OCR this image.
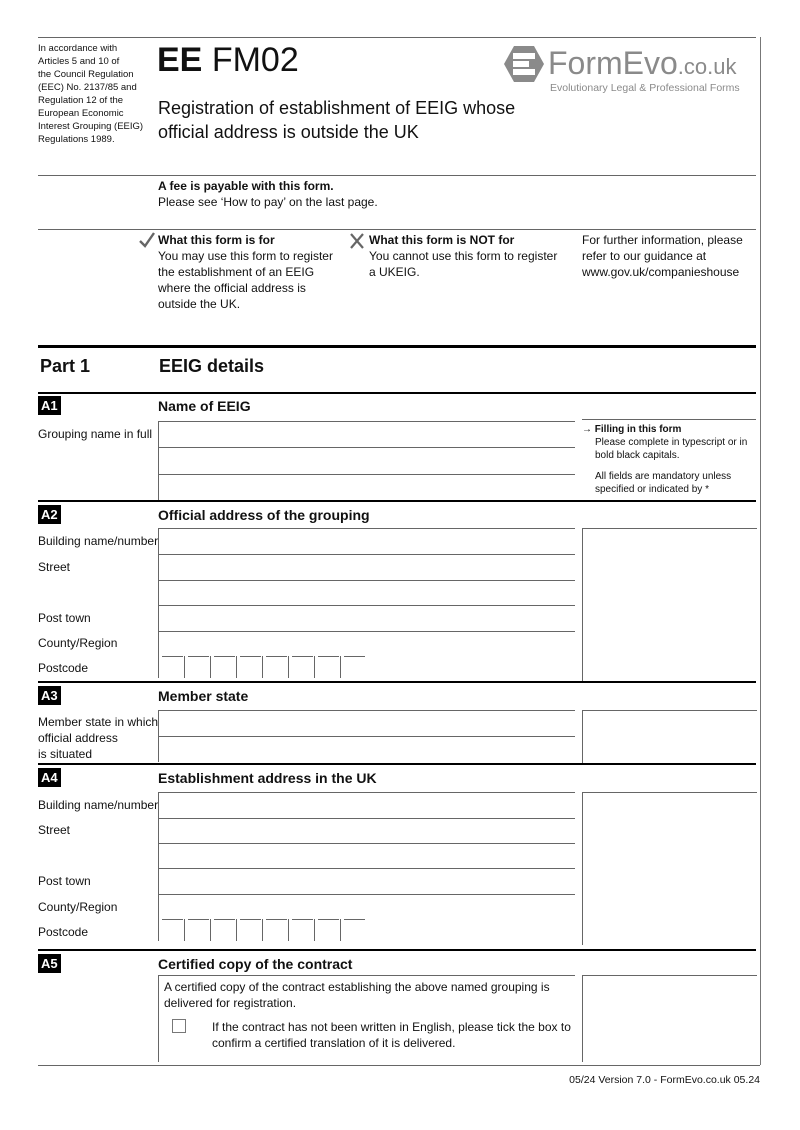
In accordance with
Articles 5 and 10 of
the Council Regulation
(EEC) No. 2137/85 and
Regulation 12 of the
European Economic
Interest Grouping (EEIG)
Regulations 1989.
EE FM02
Registration of establishment of EEIG whose
official address is outside the UK
FormEvo.co.uk
Evolutionary Legal & Professional Forms
A fee is payable with this form.
Please see ‘How to pay’ on the last page.
What this form is for
You may use this form to register
the establishment of an EEIG
where the official address is
outside the UK.
What this form is NOT for
You cannot use this form to register
a UKEIG.
For further information, please
refer to our guidance at
www.gov.uk/companieshouse
Part 1	EEIG details
A1	Name of EEIG
Grouping name in full	→ Filling in this form
Please complete in typescript or in
bold black capitals.
All fields are mandatory unless
specified or indicated by *
A2	Official address of the grouping
Building name/number
Street
Post town
County/Region
Postcode
A3	Member state
Member state in which
official address
is situated
A4	Establishment address in the UK
Building name/number
Street
Post town
County/Region
Postcode
A5	Certified copy of the contract
A certified copy of the contract establishing the above named grouping is
delivered for registration.
If the contract has not been written in English, please tick the box to
confirm a certified translation of it is delivered.
05/24 Version 7.0 - FormEvo.co.uk 05.24
